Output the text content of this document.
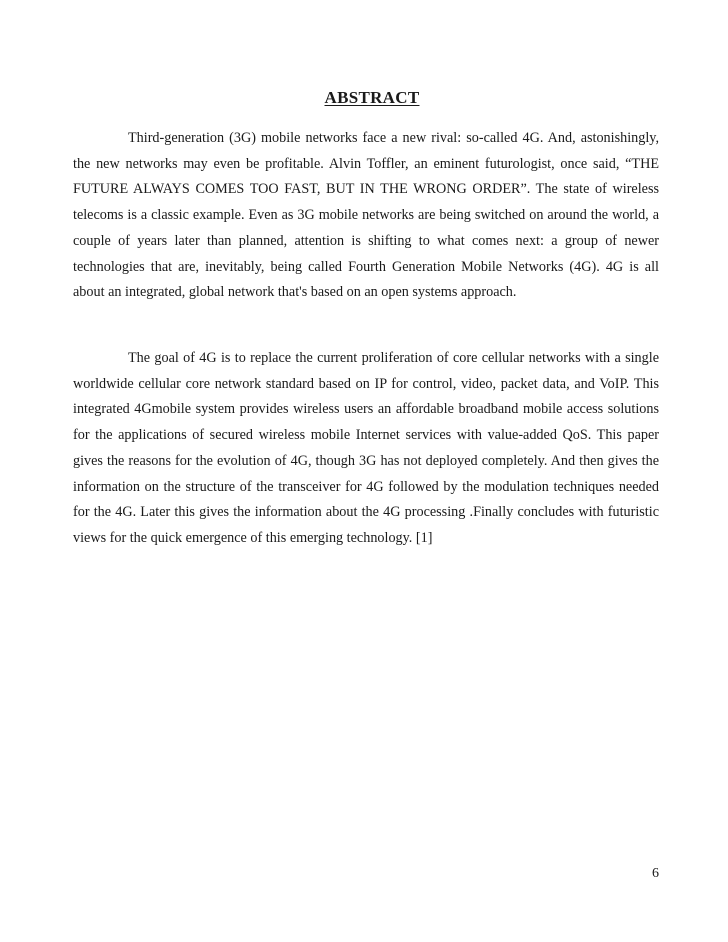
ABSTRACT

Third-generation (3G) mobile networks face a new rival: so-called 4G. And, astonishingly, the new networks may even be profitable. Alvin Toffler, an eminent futurologist, once said, “THE FUTURE ALWAYS COMES TOO FAST, BUT IN THE WRONG ORDER”. The state of wireless telecoms is a classic example. Even as 3G mobile networks are being switched on around the world, a couple of years later than planned, attention is shifting to what comes next: a group of newer technologies that are, inevitably, being called Fourth Generation Mobile Networks (4G). 4G is all about an integrated, global network that's based on an open systems approach.

The goal of 4G is to replace the current proliferation of core cellular networks with a single worldwide cellular core network standard based on IP for control, video, packet data, and VoIP. This integrated 4Gmobile system provides wireless users an affordable broadband mobile access solutions for the applications of secured wireless mobile Internet services with value-added QoS. This paper gives the reasons for the evolution of 4G, though 3G has not deployed completely. And then gives the information on the structure of the transceiver for 4G followed by the modulation techniques needed for the 4G. Later this gives the information about the 4G processing .Finally concludes with futuristic views for the quick emergence of this emerging technology. [1]

6
